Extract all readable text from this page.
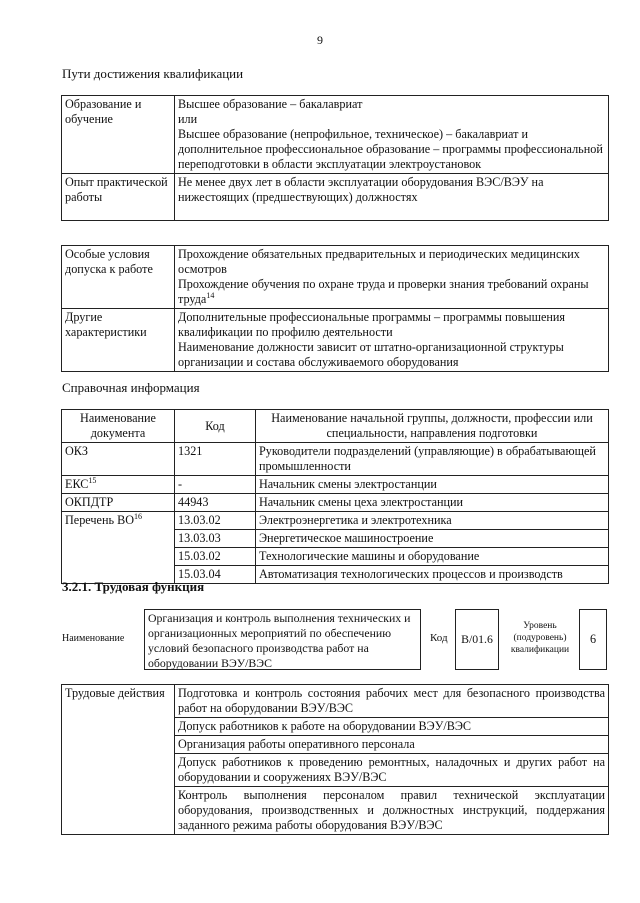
9
Пути достижения квалификации
Образование и обучение	Высшее образование – бакалавриат
или
Высшее образование (непрофильное, техническое) – бакалавриат и дополнительное профессиональное образование – программы профессиональной переподготовки в области эксплуатации электроустановок

Опыт практической работы	Не менее двух лет в области эксплуатации оборудования ВЭС/ВЭУ на нижестоящих (предшествующих) должностях
Особые условия допуска к работе	Прохождение обязательных предварительных и периодических медицинских осмотров
Прохождение обучения по охране труда и проверки знания требований охраны труда$^{14}$

Другие характеристики	Дополнительные профессиональные программы – программы повышения квалификации по профилю деятельности
Наименование должности зависит от штатно-организационной структуры организации и состава обслуживаемого оборудования
Справочная информация
Наименование документа	Код	Наименование начальной группы, должности, профессии или специальности, направления подготовки
ОКЗ	1321	Руководители подразделений (управляющие) в обрабатывающей промышленности
ЕКС$^{15}$	-	Начальник смены электростанции
ОКПДТР	44943	Начальник смены цеха электростанции
Перечень ВО$^{16}$	13.03.02	Электроэнергетика и электротехника
	13.03.03	Энергетическое машиностроение
	15.03.02	Технологические машины и оборудование
	15.03.04	Автоматизация технологических процессов и производств
3.2.1. Трудовая функция
Наименование
Организация и контроль выполнения технических и организационных мероприятий по обеспечению условий безопасного производства работ на оборудовании ВЭУ/ВЭС
Код	B/01.6
Уровень (подуровень) квалификации
6
Трудовые действия	Подготовка и контроль состояния рабочих мест для безопасного производства работ на оборудовании ВЭУ/ВЭС
Допуск работников к работе на оборудовании ВЭУ/ВЭС
Организация работы оперативного персонала
Допуск работников к проведению ремонтных, наладочных и других работ на оборудовании и сооружениях ВЭУ/ВЭС
Контроль выполнения персоналом правил технической эксплуатации оборудования, производственных и должностных инструкций, поддержания заданного режима работы оборудования ВЭУ/ВЭС
